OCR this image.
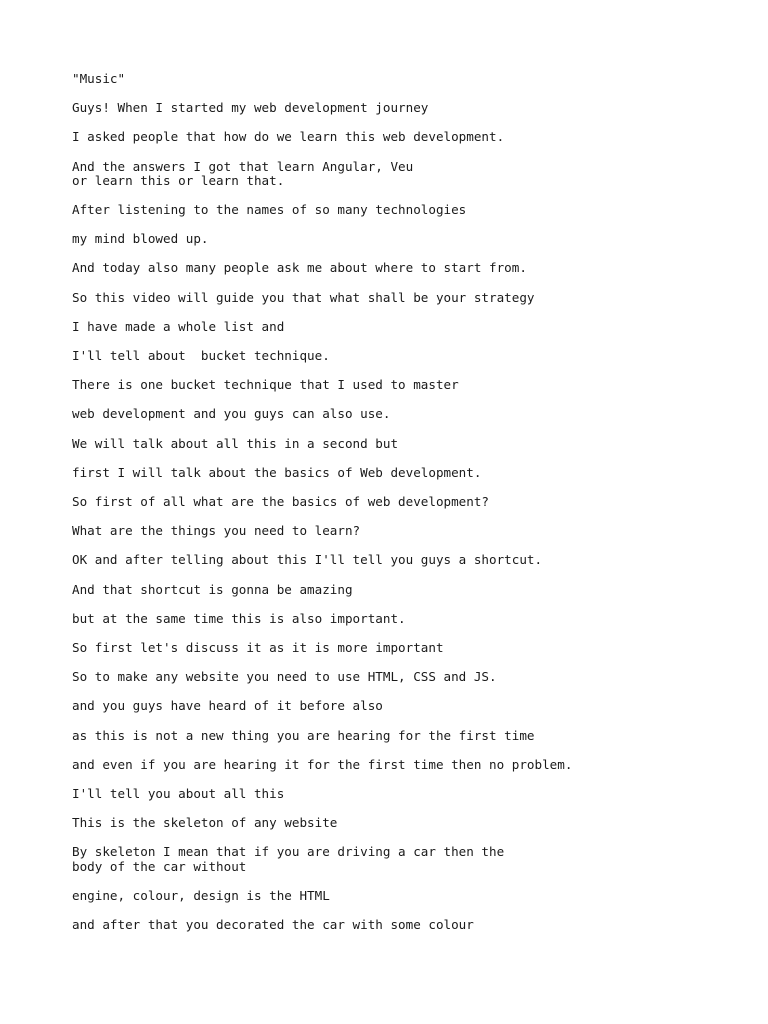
"Music"

Guys! When I started my web development journey

I asked people that how do we learn this web development.

And the answers I got that learn Angular, Veu
or learn this or learn that.

After listening to the names of so many technologies

my mind blowed up.

And today also many people ask me about where to start from.

So this video will guide you that what shall be your strategy

I have made a whole list and

I'll tell about  bucket technique.

There is one bucket technique that I used to master

web development and you guys can also use.

We will talk about all this in a second but

first I will talk about the basics of Web development.

So first of all what are the basics of web development?

What are the things you need to learn?

OK and after telling about this I'll tell you guys a shortcut.

And that shortcut is gonna be amazing

but at the same time this is also important.

So first let's discuss it as it is more important

So to make any website you need to use HTML, CSS and JS.

and you guys have heard of it before also

as this is not a new thing you are hearing for the first time

and even if you are hearing it for the first time then no problem.

I'll tell you about all this

This is the skeleton of any website

By skeleton I mean that if you are driving a car then the
body of the car without

engine, colour, design is the HTML

and after that you decorated the car with some colour
